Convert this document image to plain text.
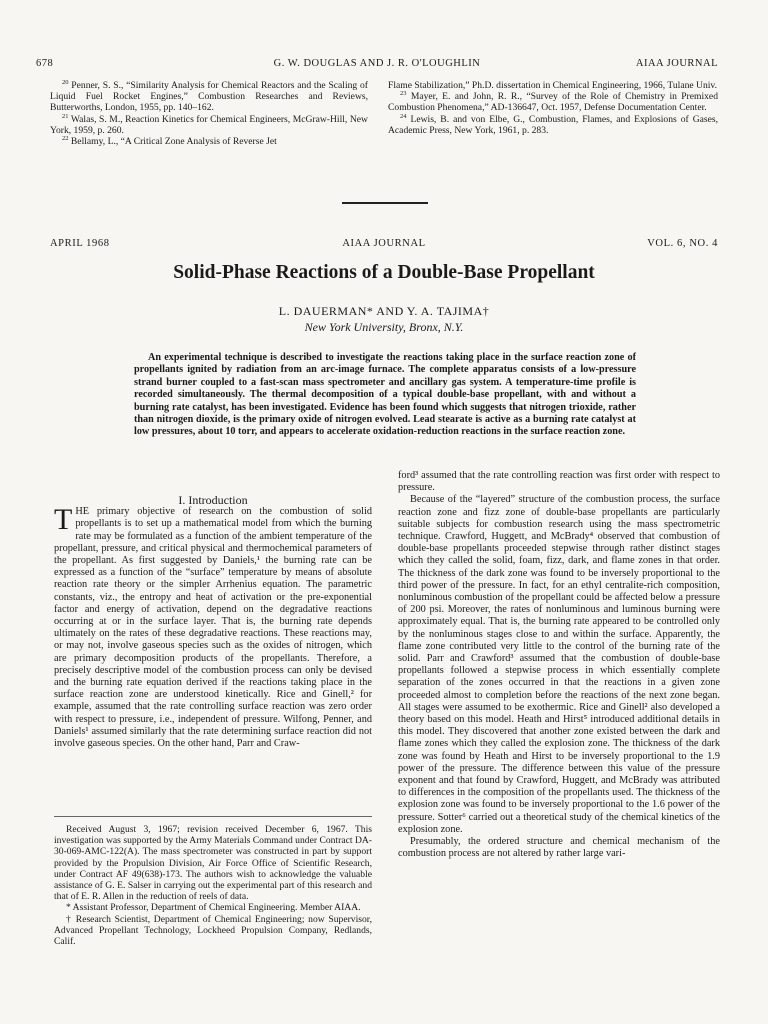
678	G. W. DOUGLAS AND J. R. O'LOUGHLIN	AIAA JOURNAL

$^{20}$ Penner, S. S., “Similarity Analysis for Chemical Reactors and the Scaling of Liquid Fuel Rocket Engines,” Combustion Researches and Reviews, Butterworths, London, 1955, pp. 140–162.

$^{21}$ Walas, S. M., Reaction Kinetics for Chemical Engineers, McGraw-Hill, New York, 1959, p. 260.

$^{22}$ Bellamy, L., “A Critical Zone Analysis of Reverse Jet

Flame Stabilization,” Ph.D. dissertation in Chemical Engineering, 1966, Tulane Univ.

$^{23}$ Mayer, E. and John, R. R., “Survey of the Role of Chemistry in Premixed Combustion Phenomena,” AD-136647, Oct. 1957, Defense Documentation Center.

$^{24}$ Lewis, B. and von Elbe, G., Combustion, Flames, and Explosions of Gases, Academic Press, New York, 1961, p. 283.

APRIL 1968	AIAA JOURNAL	VOL. 6, NO. 4
Solid-Phase Reactions of a Double-Base Propellant
L. DAUERMAN* AND Y. A. TAJIMA†
New York University, Bronx, N.Y.
An experimental technique is described to investigate the reactions taking place in the surface reaction zone of propellants ignited by radiation from an arc-image furnace. The complete apparatus consists of a low-pressure strand burner coupled to a fast-scan mass spectrometer and ancillary gas system. A temperature-time profile is recorded simultaneously. The thermal decomposition of a typical double-base propellant, with and without a burning rate catalyst, has been investigated. Evidence has been found which suggests that nitrogen trioxide, rather than nitrogen dioxide, is the primary oxide of nitrogen evolved. Lead stearate is active as a burning rate catalyst at low pressures, about 10 torr, and appears to accelerate oxidation-reduction reactions in the surface reaction zone.

I. Introduction

THE primary objective of research on the combustion of solid propellants is to set up a mathematical model from which the burning rate may be formulated as a function of the ambient temperature of the propellant, pressure, and critical physical and thermochemical parameters of the propellant. As first suggested by Daniels,¹ the burning rate can be expressed as a function of the “surface” temperature by means of absolute reaction rate theory or the simpler Arrhenius equation. The parametric constants, viz., the entropy and heat of activation or the pre-exponential factor and energy of activation, depend on the degradative reactions occurring at or in the surface layer. That is, the burning rate depends ultimately on the rates of these degradative reactions. These reactions may, or may not, involve gaseous species such as the oxides of nitrogen, which are primary decomposition products of the propellants. Therefore, a precisely descriptive model of the combustion process can only be devised and the burning rate equation derived if the reactions taking place in the surface reaction zone are understood kinetically. Rice and Ginell,² for example, assumed that the rate controlling surface reaction was zero order with respect to pressure, i.e., independent of pressure. Wilfong, Penner, and Daniels¹ assumed similarly that the rate determining surface reaction did not involve gaseous species. On the other hand, Parr and Craw-

Received August 3, 1967; revision received December 6, 1967. This investigation was supported by the Army Materials Command under Contract DA-30-069-AMC-122(A). The mass spectrometer was constructed in part by support provided by the Propulsion Division, Air Force Office of Scientific Research, under Contract AF 49(638)-173. The authors wish to acknowledge the valuable assistance of G. E. Salser in carrying out the experimental part of this research and that of E. R. Allen in the reduction of reels of data.

* Assistant Professor, Department of Chemical Engineering. Member AIAA.

† Research Scientist, Department of Chemical Engineering; now Supervisor, Advanced Propellant Technology, Lockheed Propulsion Company, Redlands, Calif.

ford³ assumed that the rate controlling reaction was first order with respect to pressure.

Because of the “layered” structure of the combustion process, the surface reaction zone and fizz zone of double-base propellants are particularly suitable subjects for combustion research using the mass spectrometric technique. Crawford, Huggett, and McBrady⁴ observed that combustion of double-base propellants proceeded stepwise through rather distinct stages which they called the solid, foam, fizz, dark, and flame zones in that order. The thickness of the dark zone was found to be inversely proportional to the third power of the pressure. In fact, for an ethyl centralite-rich composition, nonluminous combustion of the propellant could be affected below a pressure of 200 psi. Moreover, the rates of nonluminous and luminous burning were approximately equal. That is, the burning rate appeared to be controlled only by the nonluminous stages close to and within the surface. Apparently, the flame zone contributed very little to the control of the burning rate of the solid. Parr and Crawford³ assumed that the combustion of double-base propellants followed a stepwise process in which essentially complete separation of the zones occurred in that the reactions in a given zone proceeded almost to completion before the reactions of the next zone began. All stages were assumed to be exothermic. Rice and Ginell² also developed a theory based on this model. Heath and Hirst⁵ introduced additional details in this model. They discovered that another zone existed between the dark and flame zones which they called the explosion zone. The thickness of the dark zone was found by Heath and Hirst to be inversely proportional to the 1.9 power of the pressure. The difference between this value of the pressure exponent and that found by Crawford, Huggett, and McBrady was attributed to differences in the composition of the propellants used. The thickness of the explosion zone was found to be inversely proportional to the 1.6 power of the pressure. Sotter⁶ carried out a theoretical study of the chemical kinetics of the explosion zone.

Presumably, the ordered structure and chemical mechanism of the combustion process are not altered by rather large vari-
